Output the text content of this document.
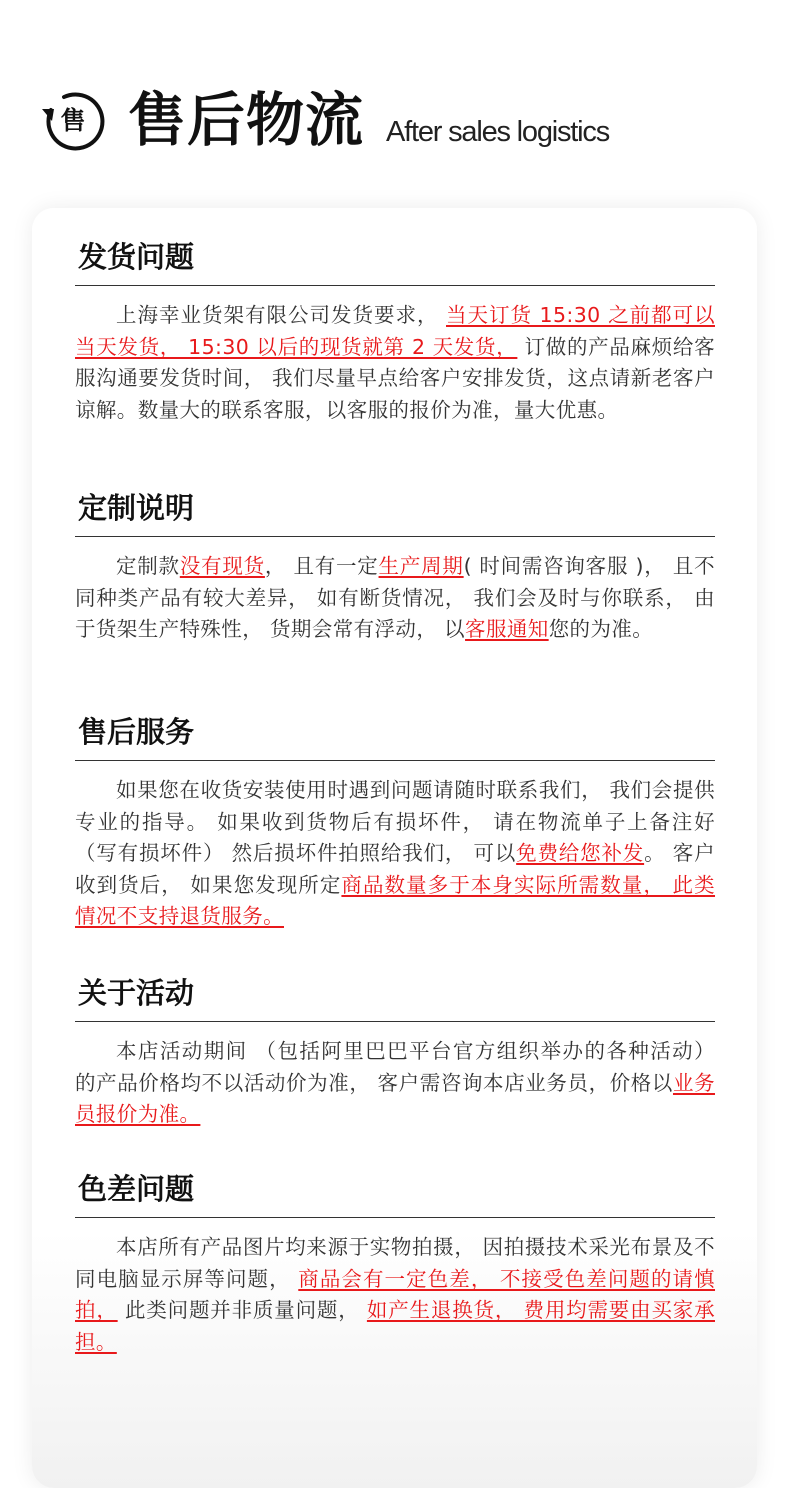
售 售后物流 After sales logistics
发货问题

上海幸业货架有限公司发货要求， 当天订货 15:30 之前都可以当天发货， 15:30 以后的现货就第 2 天发货， 订做的产品麻烦给客服沟通要发货时间， 我们尽量早点给客户安排发货，这点请新老客户谅解。数量大的联系客服，以客服的报价为准，量大优惠。

定制说明

定制款没有现货， 且有一定生产周期( 时间需咨询客服 )， 且不同种类产品有较大差异， 如有断货情况， 我们会及时与你联系， 由于货架生产特殊性， 货期会常有浮动， 以客服通知您的为准。

售后服务

如果您在收货安装使用时遇到问题请随时联系我们， 我们会提供专业的指导。 如果收到货物后有损坏件， 请在物流单子上备注好 （写有损坏件） 然后损坏件拍照给我们， 可以免费给您补发。 客户收到货后， 如果您发现所定商品数量多于本身实际所需数量， 此类情况不支持退货服务。

关于活动

本店活动期间 （包括阿里巴巴平台官方组织举办的各种活动） 的产品价格均不以活动价为准， 客户需咨询本店业务员，价格以业务员报价为准。

色差问题

本店所有产品图片均来源于实物拍摄， 因拍摄技术采光布景及不同电脑显示屏等问题， 商品会有一定色差， 不接受色差问题的请慎拍， 此类问题并非质量问题， 如产生退换货， 费用均需要由买家承担。
